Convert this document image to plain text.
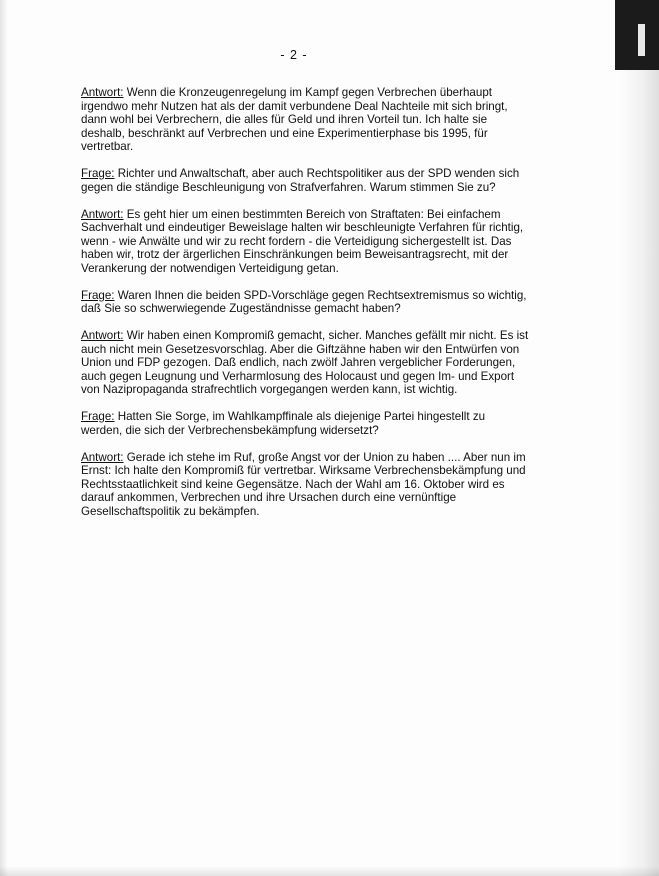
- 2 -

Antwort: Wenn die Kronzeugenregelung im Kampf gegen Verbrechen überhaupt irgendwo mehr Nutzen hat als der damit verbundene Deal Nachteile mit sich bringt, dann wohl bei Verbrechern, die alles für Geld und ihren Vorteil tun. Ich halte sie deshalb, beschränkt auf Verbrechen und eine Experimentierphase bis 1995, für vertretbar.

Frage: Richter und Anwaltschaft, aber auch Rechtspolitiker aus der SPD wenden sich gegen die ständige Beschleunigung von Strafverfahren. Warum stimmen Sie zu?

Antwort: Es geht hier um einen bestimmten Bereich von Straftaten: Bei einfachem Sachverhalt und eindeutiger Beweislage halten wir beschleunigte Verfahren für richtig, wenn - wie Anwälte und wir zu recht fordern - die Verteidigung sichergestellt ist. Das haben wir, trotz der ärgerlichen Einschränkungen beim Beweisantragsrecht, mit der Verankerung der notwendigen Verteidigung getan.

Frage: Waren Ihnen die beiden SPD-Vorschläge gegen Rechtsextremismus so wichtig, daß Sie so schwerwiegende Zugeständnisse gemacht haben?

Antwort: Wir haben einen Kompromiß gemacht, sicher. Manches gefällt mir nicht. Es ist auch nicht mein Gesetzesvorschlag. Aber die Giftzähne haben wir den Entwürfen von Union und FDP gezogen. Daß endlich, nach zwölf Jahren vergeblicher Forderungen, auch gegen Leugnung und Verharmlosung des Holocaust und gegen Im- und Export von Nazipropaganda strafrechtlich vorgegangen werden kann, ist wichtig.

Frage: Hatten Sie Sorge, im Wahlkampffinale als diejenige Partei hingestellt zu werden, die sich der Verbrechensbekämpfung widersetzt?

Antwort: Gerade ich stehe im Ruf, große Angst vor der Union zu haben .... Aber nun im Ernst: Ich halte den Kompromiß für vertretbar. Wirksame Verbrechensbekämpfung und Rechtsstaatlichkeit sind keine Gegensätze. Nach der Wahl am 16. Oktober wird es darauf ankommen, Verbrechen und ihre Ursachen durch eine vernünftige Gesellschaftspolitik zu bekämpfen.
